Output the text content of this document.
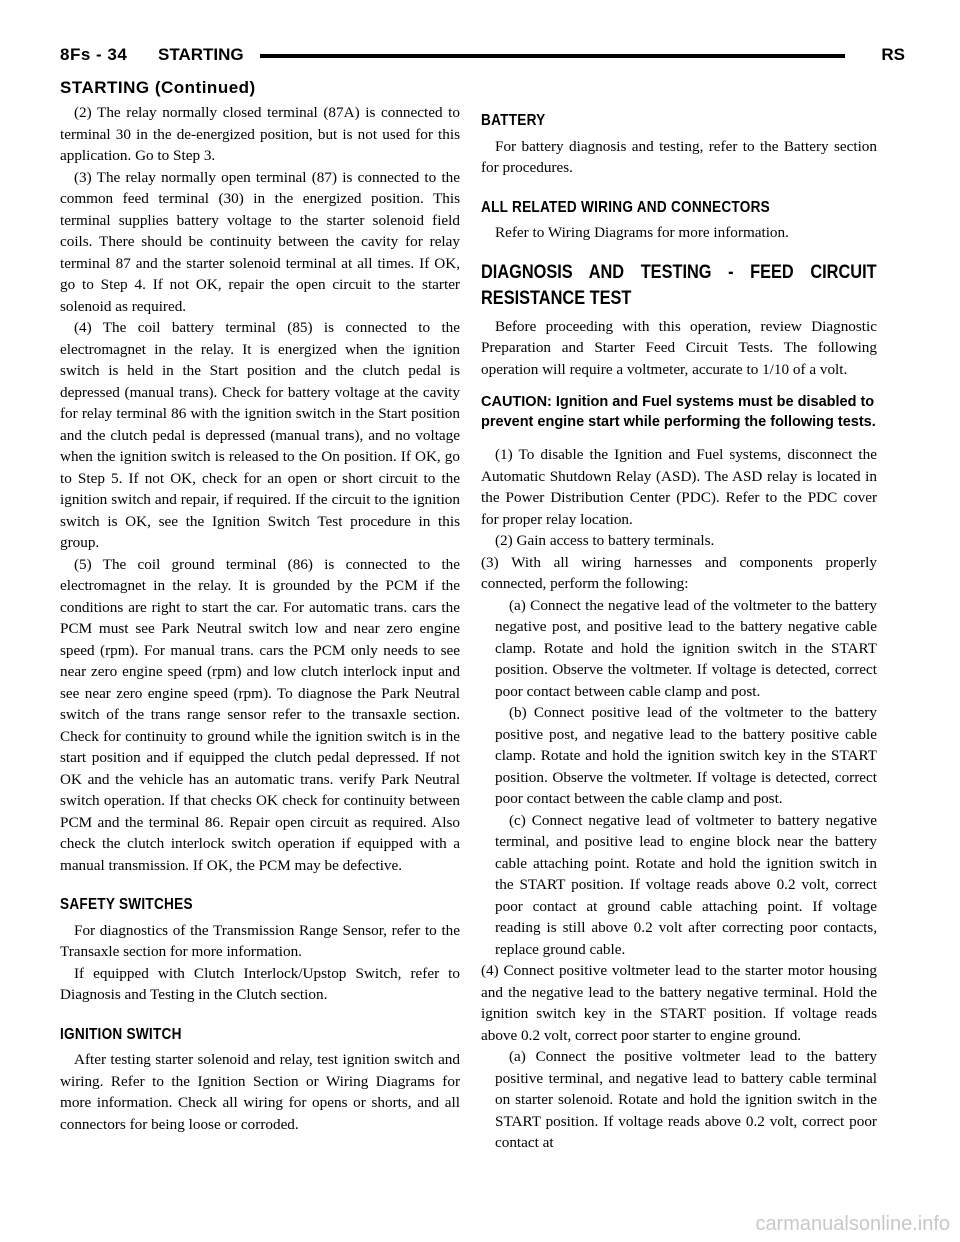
8Fs - 34 STARTING	RS
STARTING (Continued)

(2) The relay normally closed terminal (87A) is connected to terminal 30 in the de-energized position, but is not used for this application. Go to Step 3.

(3) The relay normally open terminal (87) is connected to the common feed terminal (30) in the energized position. This terminal supplies battery voltage to the starter solenoid field coils. There should be continuity between the cavity for relay terminal 87 and the starter solenoid terminal at all times. If OK, go to Step 4. If not OK, repair the open circuit to the starter solenoid as required.

(4) The coil battery terminal (85) is connected to the electromagnet in the relay. It is energized when the ignition switch is held in the Start position and the clutch pedal is depressed (manual trans). Check for battery voltage at the cavity for relay terminal 86 with the ignition switch in the Start position and the clutch pedal is depressed (manual trans), and no voltage when the ignition switch is released to the On position. If OK, go to Step 5. If not OK, check for an open or short circuit to the ignition switch and repair, if required. If the circuit to the ignition switch is OK, see the Ignition Switch Test procedure in this group.

(5) The coil ground terminal (86) is connected to the electromagnet in the relay. It is grounded by the PCM if the conditions are right to start the car. For automatic trans. cars the PCM must see Park Neutral switch low and near zero engine speed (rpm). For manual trans. cars the PCM only needs to see near zero engine speed (rpm) and low clutch interlock input and see near zero engine speed (rpm). To diagnose the Park Neutral switch of the trans range sensor refer to the transaxle section. Check for continuity to ground while the ignition switch is in the start position and if equipped the clutch pedal depressed. If not OK and the vehicle has an automatic trans. verify Park Neutral switch operation. If that checks OK check for continuity between PCM and the terminal 86. Repair open circuit as required. Also check the clutch interlock switch operation if equipped with a manual transmission. If OK, the PCM may be defective.

SAFETY SWITCHES

For diagnostics of the Transmission Range Sensor, refer to the Transaxle section for more information.

If equipped with Clutch Interlock/Upstop Switch, refer to Diagnosis and Testing in the Clutch section.

IGNITION SWITCH

After testing starter solenoid and relay, test ignition switch and wiring. Refer to the Ignition Section or Wiring Diagrams for more information. Check all wiring for opens or shorts, and all connectors for being loose or corroded.

BATTERY

For battery diagnosis and testing, refer to the Battery section for procedures.

ALL RELATED WIRING AND CONNECTORS

Refer to Wiring Diagrams for more information.

DIAGNOSIS AND TESTING - FEED CIRCUIT RESISTANCE TEST

Before proceeding with this operation, review Diagnostic Preparation and Starter Feed Circuit Tests. The following operation will require a voltmeter, accurate to 1/10 of a volt.

CAUTION: Ignition and Fuel systems must be disabled to prevent engine start while performing the following tests.

(1) To disable the Ignition and Fuel systems, disconnect the Automatic Shutdown Relay (ASD). The ASD relay is located in the Power Distribution Center (PDC). Refer to the PDC cover for proper relay location.

(2) Gain access to battery terminals.

(3) With all wiring harnesses and components properly connected, perform the following:

(a) Connect the negative lead of the voltmeter to the battery negative post, and positive lead to the battery negative cable clamp. Rotate and hold the ignition switch in the START position. Observe the voltmeter. If voltage is detected, correct poor contact between cable clamp and post.

(b) Connect positive lead of the voltmeter to the battery positive post, and negative lead to the battery positive cable clamp. Rotate and hold the ignition switch key in the START position. Observe the voltmeter. If voltage is detected, correct poor contact between the cable clamp and post.

(c) Connect negative lead of voltmeter to battery negative terminal, and positive lead to engine block near the battery cable attaching point. Rotate and hold the ignition switch in the START position. If voltage reads above 0.2 volt, correct poor contact at ground cable attaching point. If voltage reading is still above 0.2 volt after correcting poor contacts, replace ground cable.

(4) Connect positive voltmeter lead to the starter motor housing and the negative lead to the battery negative terminal. Hold the ignition switch key in the START position. If voltage reads above 0.2 volt, correct poor starter to engine ground.

(a) Connect the positive voltmeter lead to the battery positive terminal, and negative lead to battery cable terminal on starter solenoid. Rotate and hold the ignition switch in the START position. If voltage reads above 0.2 volt, correct poor contact at

carmanualsonline.info
